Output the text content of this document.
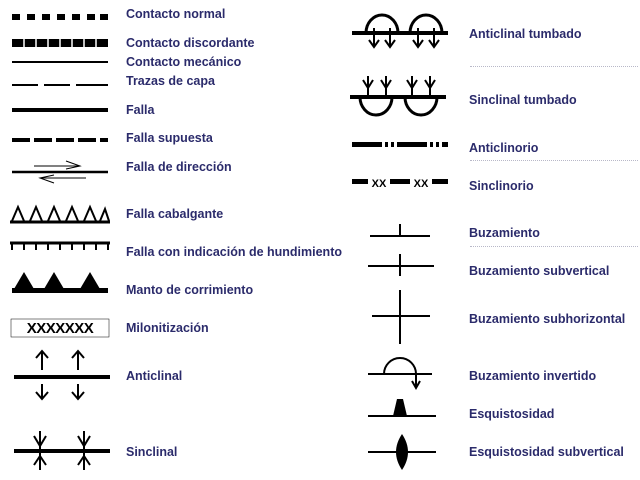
XXXXXXX
XX XX
Contacto normal
Contacto discordante
Contacto mecánico
Trazas de capa
Falla
Falla supuesta
Falla de dirección
Falla cabalgante
Falla con indicación de hundimiento
Manto de corrimiento
Milonitización
Anticlinal
Sinclinal
Anticlinal tumbado
Sinclinal tumbado
Anticlinorio
Sinclinorio
Buzamiento
Buzamiento subvertical
Buzamiento subhorizontal
Buzamiento invertido
Esquistosidad
Esquistosidad subvertical
